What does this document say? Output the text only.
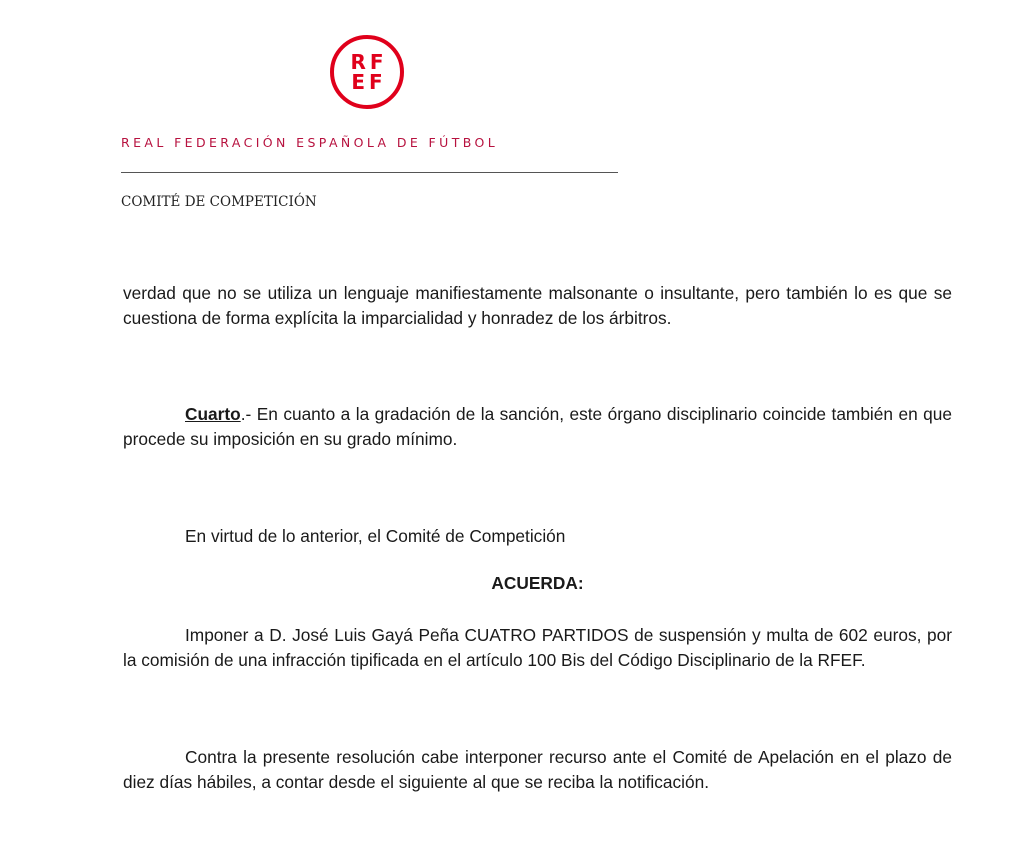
RF
EF
REAL FEDERACIÓN ESPAÑOLA DE FÚTBOL
COMITÉ DE COMPETICIÓN

verdad que no se utiliza un lenguaje manifiestamente malsonante o insultante, pero también lo es que se cuestiona de forma explícita la imparcialidad y honradez de los árbitros.

Cuarto.- En cuanto a la gradación de la sanción, este órgano disciplinario coincide también en que procede su imposición en su grado mínimo.

En virtud de lo anterior, el Comité de Competición

ACUERDA:

Imponer a D. José Luis Gayá Peña CUATRO PARTIDOS de suspensión y multa de 602 euros, por la comisión de una infracción tipificada en el artículo 100 Bis del Código Disciplinario de la RFEF.

Contra la presente resolución cabe interponer recurso ante el Comité de Apelación en el plazo de diez días hábiles, a contar desde el siguiente al que se reciba la notificación.
